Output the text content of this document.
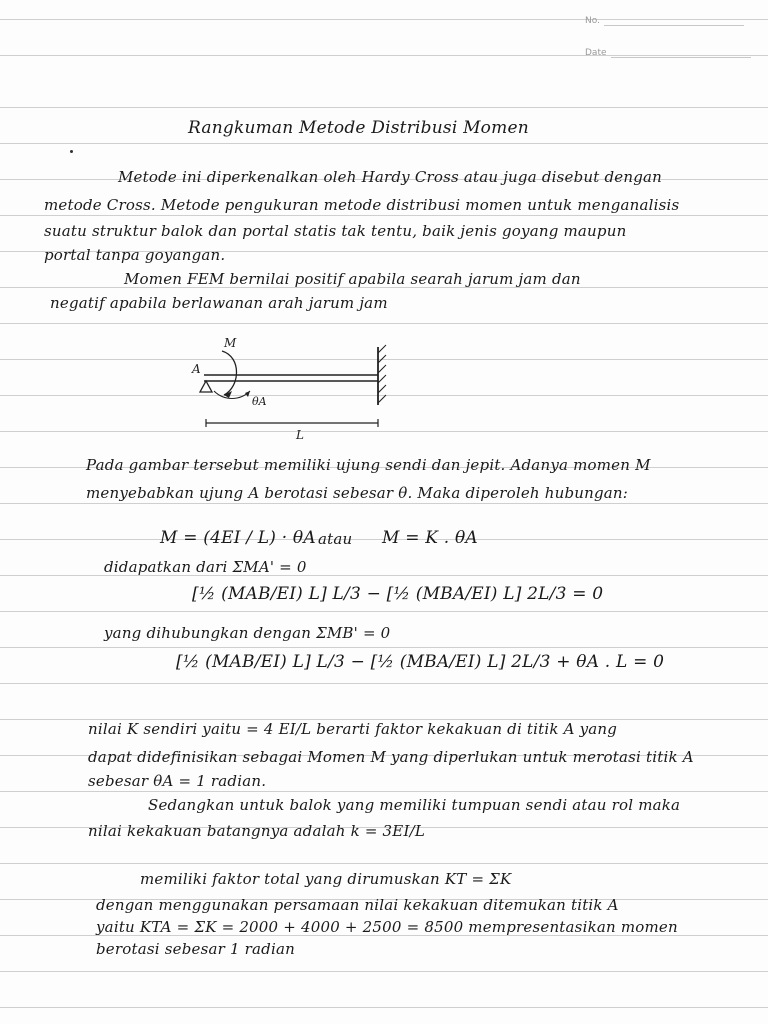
No.
Date
Rangkuman Metode Distribusi Momen
Metode ini diperkenalkan oleh Hardy Cross atau juga disebut dengan
metode Cross. Metode pengukuran metode distribusi momen untuk menganalisis
suatu struktur balok dan portal statis tak tentu, baik jenis goyang maupun
portal tanpa goyangan.
Momen FEM bernilai positif apabila searah jarum jam dan
negatif apabila berlawanan arah jarum jam
M
A
θA
L
Pada gambar tersebut memiliki ujung sendi dan jepit. Adanya momen M
menyebabkan ujung A berotasi sebesar θ. Maka diperoleh hubungan:
M = (4EI / L) · θA atau M = K . θA
didapatkan dari ΣMA' = 0
[½ (MAB/EI) L] L/3 − [½ (MBA/EI) L] 2L/3 = 0
yang dihubungkan dengan ΣMB' = 0
[½ (MAB/EI) L] L/3 − [½ (MBA/EI) L] 2L/3 + θA . L = 0
nilai K sendiri yaitu = 4 EI/L berarti faktor kekakuan di titik A yang
dapat didefinisikan sebagai Momen M yang diperlukan untuk merotasi titik A
sebesar θA = 1 radian.
Sedangkan untuk balok yang memiliki tumpuan sendi atau rol maka
nilai kekakuan batangnya adalah k = 3EI/L
memiliki faktor total yang dirumuskan KT = ΣK
dengan menggunakan persamaan nilai kekakuan ditemukan titik A
yaitu KTA = ΣK = 2000 + 4000 + 2500 = 8500 mempresentasikan momen
berotasi sebesar 1 radian
